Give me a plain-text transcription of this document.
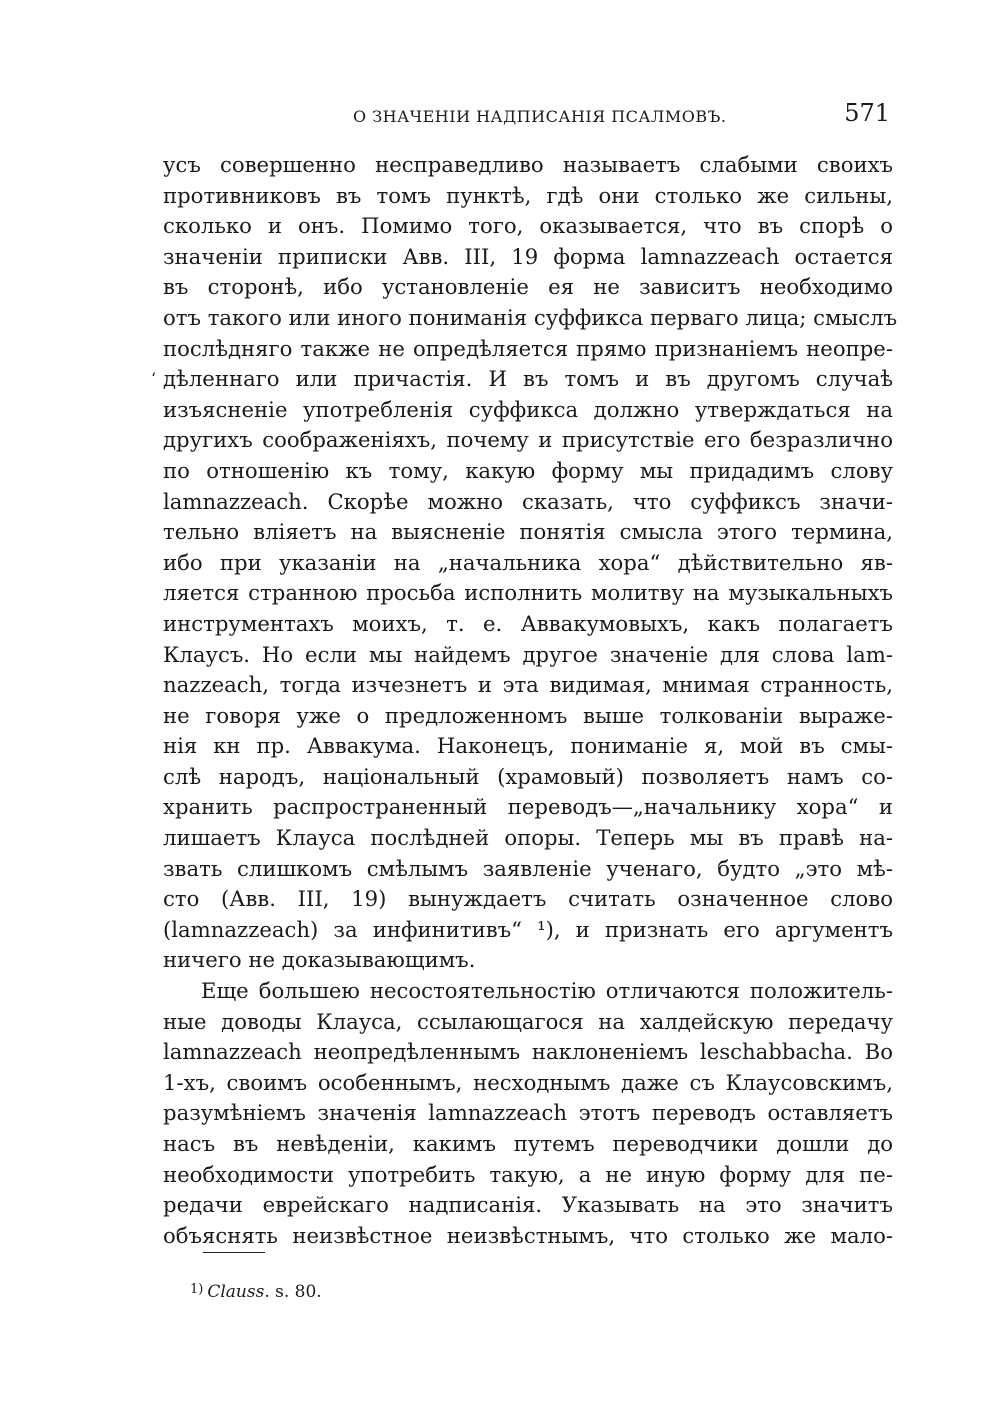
О ЗНАЧЕНІИ НАДПИСАНІЯ ПСАЛМОВЪ.	571
усъ совершенно несправедливо называетъ слабыми своихъ
противниковъ въ томъ пунктѣ, гдѣ они столько же сильны,
сколько и онъ. Помимо того, оказывается, что въ спорѣ о
значеніи приписки Авв. III, 19 форма lamnazzeach остается
въ сторонѣ, ибо установленіе ея не зависитъ необходимо
отъ такого или иного пониманія суффикса перваго лица; смыслъ
послѣдняго также не опредѣляется прямо признаніемъ неопре-
‘ дѣленнаго или причастія. И въ томъ и въ другомъ случаѣ
изъясненіе употребленія суффикса должно утверждаться на
другихъ соображеніяхъ, почему и присутствіе его безразлично
по отношенію къ тому, какую форму мы придадимъ слову
lamnazzeach. Скорѣе можно сказать, что суффиксъ значи-
тельно вліяетъ на выясненіе понятія смысла этого термина,
ибо при указаніи на „начальника хора“ дѣйствительно яв-
ляется странною просьба исполнить молитву на музыкальныхъ
инструментахъ моихъ, т. е. Аввакумовыхъ, какъ полагаетъ
Клаусъ. Но если мы найдемъ другое значеніе для слова lam-
nazzeach, тогда изчезнетъ и эта видимая, мнимая странность,
не говоря уже о предложенномъ выше толкованіи выраже-
нія кн пр. Аввакума. Наконецъ, пониманіе я, мой въ смы-
слѣ народъ, національный (храмовый) позволяетъ намъ со-
хранить распространенный переводъ—„начальнику хора“ и
лишаетъ Клауса послѣдней опоры. Теперь мы въ правѣ на-
звать слишкомъ смѣлымъ заявленіе ученаго, будто „это мѣ-
сто (Авв. III, 19) вынуждаетъ считать означенное слово
(lamnazzeach) за инфинитивъ“ ¹), и признать его аргументъ
ничего не доказывающимъ.
Еще большею несостоятельностію отличаются положитель-
ные доводы Клауса, ссылающагося на халдейскую передачу
lamnazzeach неопредѣленнымъ наклоненіемъ leschabbacha. Во
1-хъ, своимъ особеннымъ, несходнымъ даже съ Клаусовскимъ,
разумѣніемъ значенія lamnazzeach этотъ переводъ оставляетъ
насъ въ невѣденіи, какимъ путемъ переводчики дошли до
необходимости употребить такую, а не иную форму для пе-
редачи еврейскаго надписанія. Указывать на это значитъ
объяснять неизвѣстное неизвѣстнымъ, что столько же мало-
$^{1)}$ Clauss. s. 80.
